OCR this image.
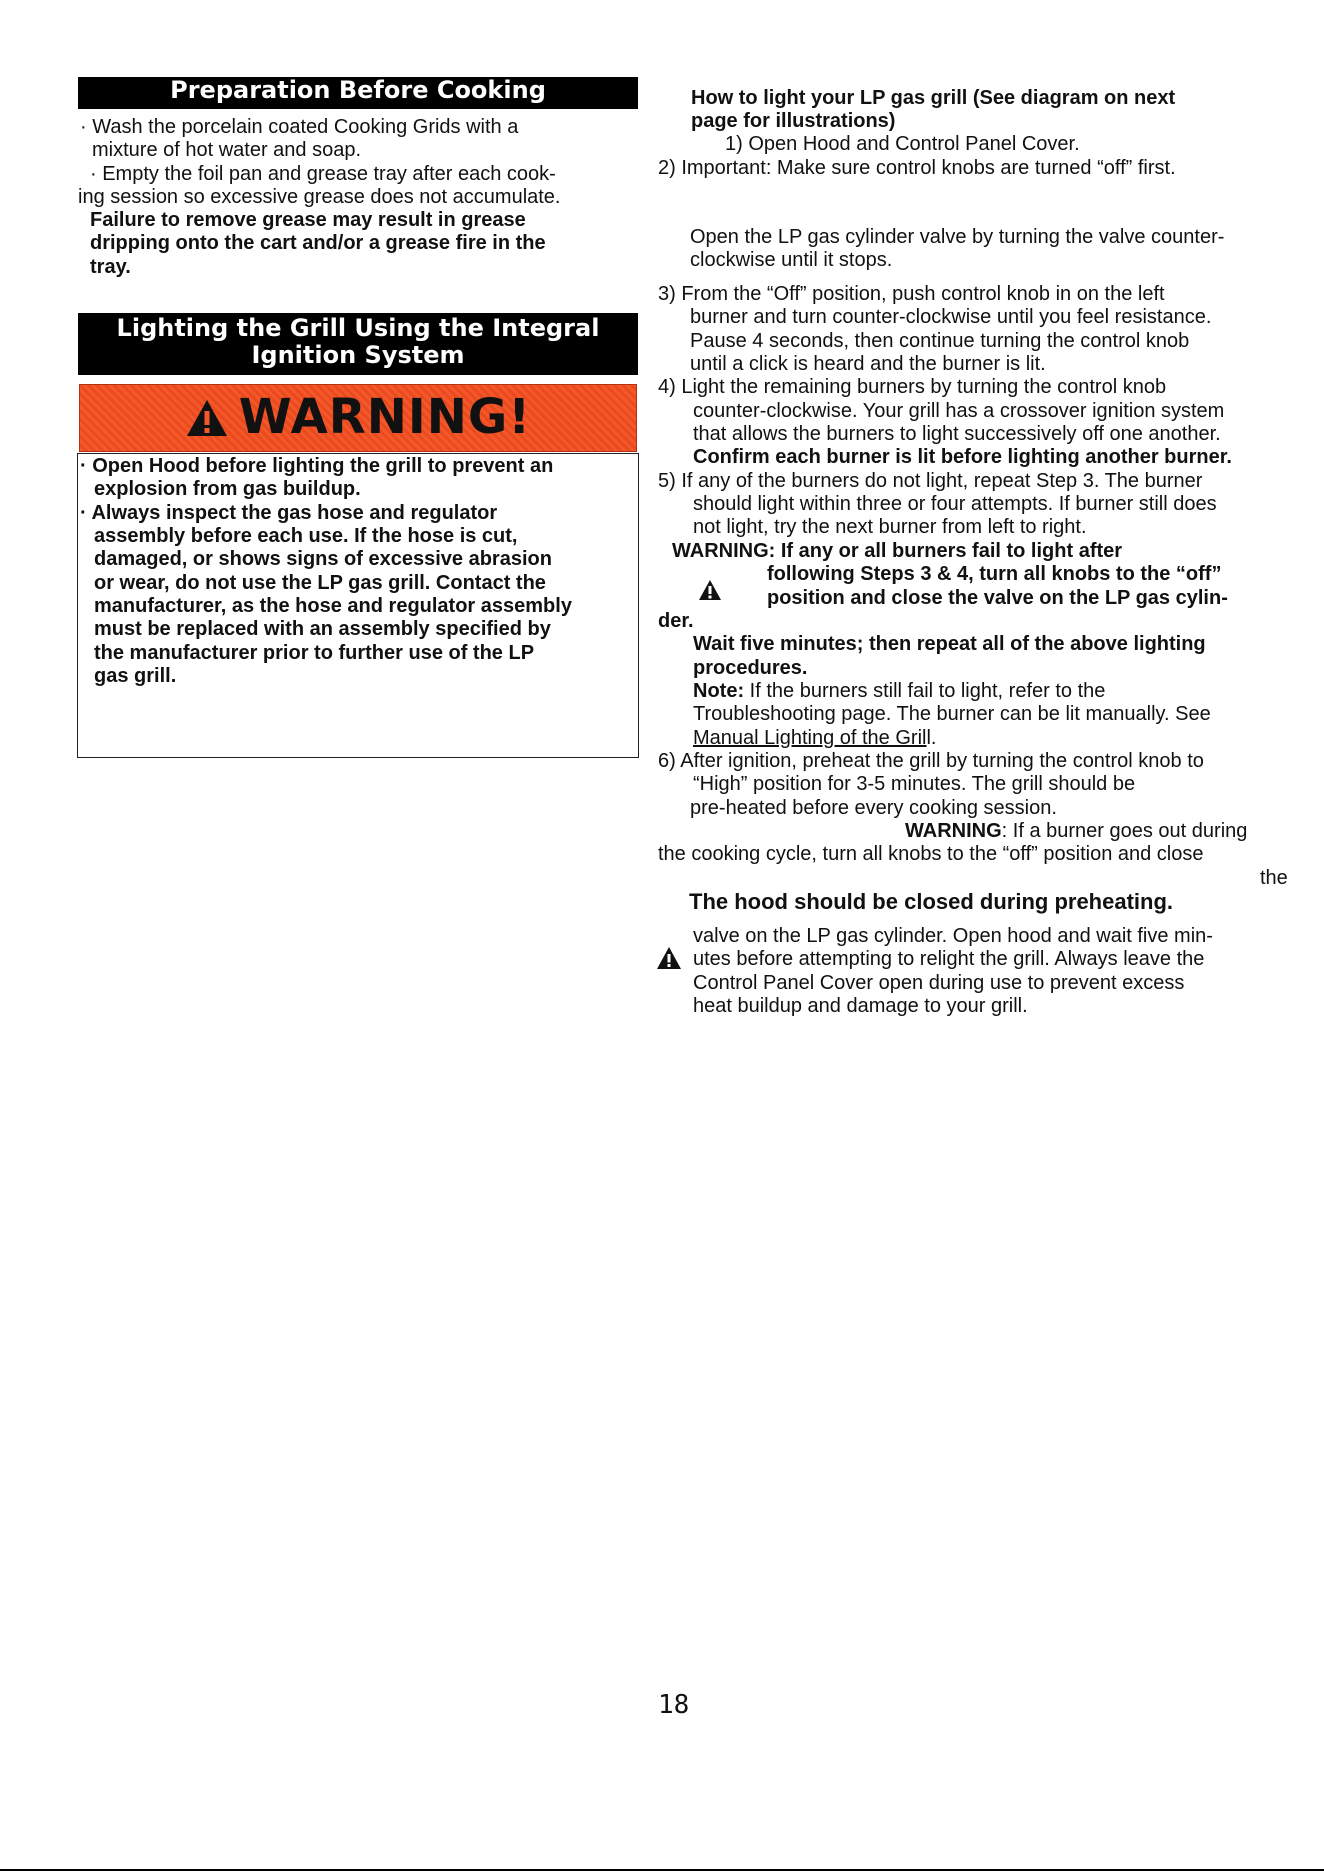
Preparation Before Cooking

· Wash the porcelain coated Cooking Grids with a

mixture of hot water and soap.

· Empty the foil pan and grease tray after each cook-

ing session so excessive grease does not accumulate.

Failure to remove grease may result in grease

dripping onto the cart and/or a grease fire in the

tray.

Lighting the Grill Using the Integral
Ignition System
WARNING!

· Open Hood before lighting the grill to prevent an

explosion from gas buildup.

· Always inspect the gas hose and regulator

assembly before each use. If the hose is cut,

damaged, or shows signs of excessive abrasion

or wear, do not use the LP gas grill. Contact the

manufacturer, as the hose and regulator assembly

must be replaced with an assembly specified by

the manufacturer prior to further use of the LP

gas grill.

How to light your LP gas grill (See diagram on next

page for illustrations)

1) Open Hood and Control Panel Cover.

2) Important: Make sure control knobs are turned “off” first.

Open the LP gas cylinder valve by turning the valve counter-

clockwise until it stops.

3) From the “Off” position, push control knob in on the left

burner and turn counter-clockwise until you feel resistance.

Pause 4 seconds, then continue turning the control knob

until a click is heard and the burner is lit.

4) Light the remaining burners by turning the control knob

counter-clockwise. Your grill has a crossover ignition system

that allows the burners to light successively off one another.

Confirm each burner is lit before lighting another burner.

5) If any of the burners do not light, repeat Step 3. The burner

should light within three or four attempts. If burner still does

not light, try the next burner from left to right.

WARNING: If any or all burners fail to light after

following Steps 3 & 4, turn all knobs to the “off”

position and close the valve on the LP gas cylin-

der.

Wait five minutes; then repeat all of the above lighting

procedures.

Note: If the burners still fail to light, refer to the

Troubleshooting page. The burner can be lit manually. See

Manual Lighting of the Grill.

6) After ignition, preheat the grill by turning the control knob to

“High” position for 3-5 minutes. The grill should be

pre-heated before every cooking session.

WARNING: If a burner goes out during

the cooking cycle, turn all knobs to the “off” position and close

the

The hood should be closed during preheating.

valve on the LP gas cylinder. Open hood and wait five min-

utes before attempting to relight the grill. Always leave the

Control Panel Cover open during use to prevent excess

heat buildup and damage to your grill.

18
